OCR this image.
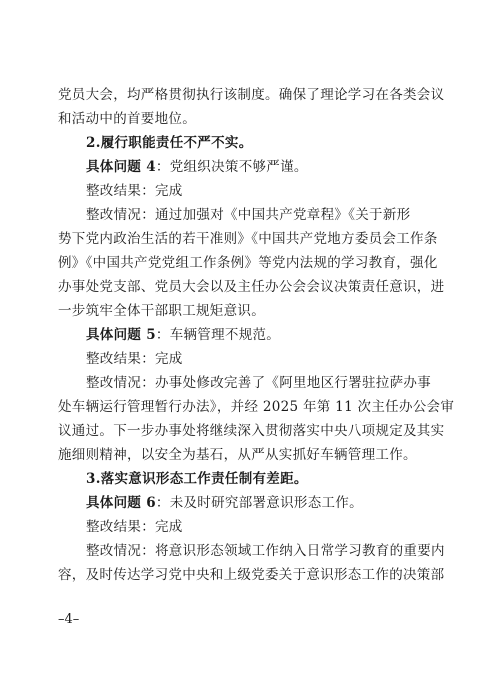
党员大会，均严格贯彻执行该制度。确保了理论学习在各类会议
和活动中的首要地位。
2.履行职能责任不严不实。
具体问题 4：党组织决策不够严谨。
整改结果：完成
整改情况：通过加强对《中国共产党章程》《关于新形
势下党内政治生活的若干准则》《中国共产党地方委员会工作条
例》《中国共产党党组工作条例》等党内法规的学习教育，强化
办事处党支部、党员大会以及主任办公会会议决策责任意识，进
一步筑牢全体干部职工规矩意识。
具体问题 5：车辆管理不规范。
整改结果：完成
整改情况：办事处修改完善了《阿里地区行署驻拉萨办事
处车辆运行管理暂行办法》，并经 2025 年第 11 次主任办公会审
议通过。下一步办事处将继续深入贯彻落实中央八项规定及其实
施细则精神，以安全为基石，从严从实抓好车辆管理工作。
3.落实意识形态工作责任制有差距。
具体问题 6：未及时研究部署意识形态工作。
整改结果：完成
整改情况：将意识形态领域工作纳入日常学习教育的重要内
容，及时传达学习党中央和上级党委关于意识形态工作的决策部
–4–
